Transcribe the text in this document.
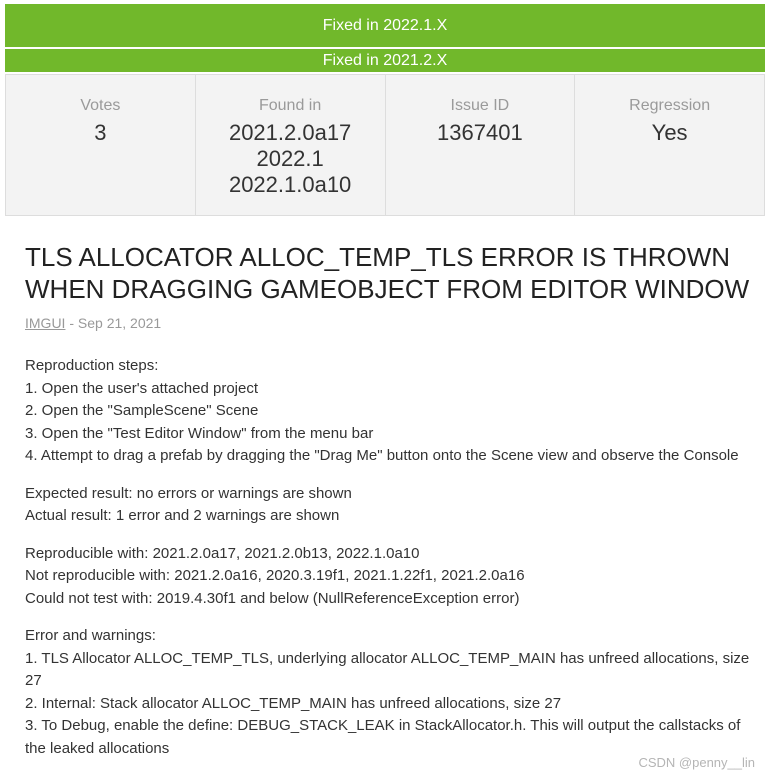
Fixed in 2022.1.X
Fixed in 2021.2.X
Votes
3
Found in
2021.2.0a17
2022.1
2022.1.0a10
Issue ID
1367401
Regression
Yes
TLS ALLOCATOR ALLOC_TEMP_TLS ERROR IS THROWN WHEN DRAGGING GAMEOBJECT FROM EDITOR WINDOW
IMGUI - Sep 21, 2021

Reproduction steps:
1. Open the user's attached project
2. Open the "SampleScene" Scene
3. Open the "Test Editor Window" from the menu bar
4. Attempt to drag a prefab by dragging the "Drag Me" button onto the Scene view and observe the Console

Expected result: no errors or warnings are shown
Actual result: 1 error and 2 warnings are shown

Reproducible with: 2021.2.0a17, 2021.2.0b13, 2022.1.0a10
Not reproducible with: 2021.2.0a16, 2020.3.19f1, 2021.1.22f1, 2021.2.0a16
Could not test with: 2019.4.30f1 and below (NullReferenceException error)

Error and warnings:
1. TLS Allocator ALLOC_TEMP_TLS, underlying allocator ALLOC_TEMP_MAIN has unfreed allocations, size 27
2. Internal: Stack allocator ALLOC_TEMP_MAIN has unfreed allocations, size 27
3. To Debug, enable the define: DEBUG_STACK_LEAK in StackAllocator.h. This will output the callstacks of the leaked allocations

CSDN @penny__lin
